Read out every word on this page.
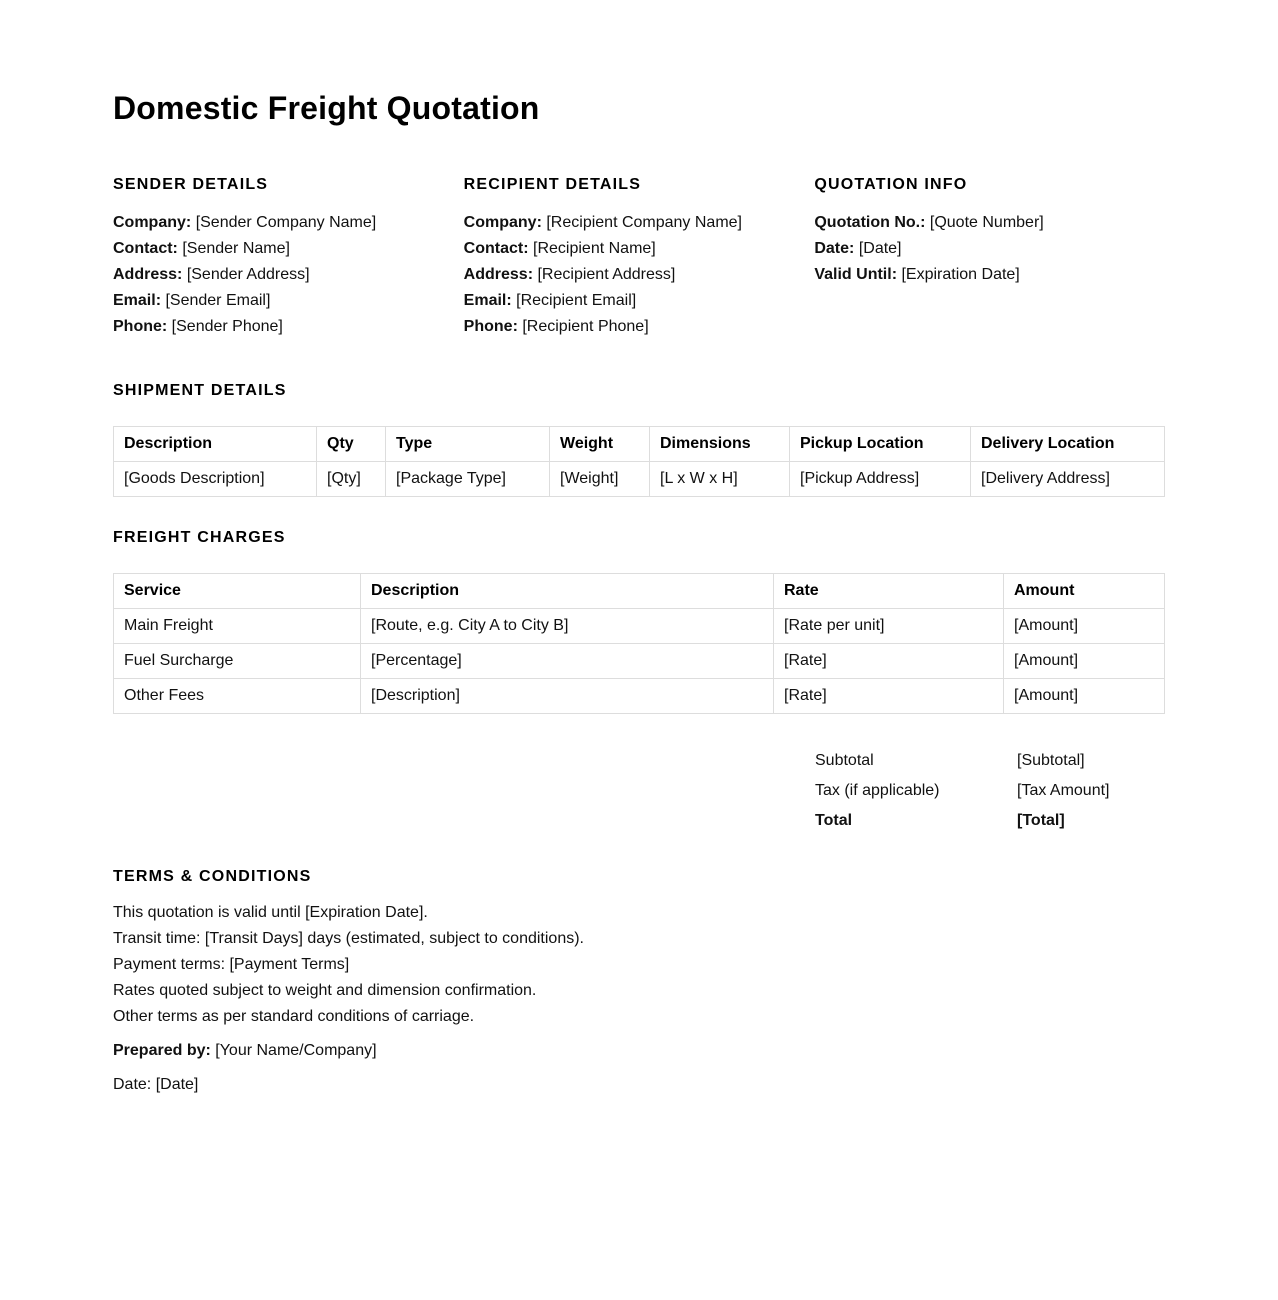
Domestic Freight Quotation
SENDER DETAILS
Company: [Sender Company Name]
Contact: [Sender Name]
Address: [Sender Address]
Email: [Sender Email]
Phone: [Sender Phone]
RECIPIENT DETAILS
Company: [Recipient Company Name]
Contact: [Recipient Name]
Address: [Recipient Address]
Email: [Recipient Email]
Phone: [Recipient Phone]
QUOTATION INFO
Quotation No.: [Quote Number]
Date: [Date]
Valid Until: [Expiration Date]
SHIPMENT DETAILS
Description	Qty	Type	Weight	Dimensions	Pickup Location	Delivery Location
[Goods Description]	[Qty]	[Package Type]	[Weight]	[L x W x H]	[Pickup Address]	[Delivery Address]
FREIGHT CHARGES
Service	Description	Rate	Amount
Main Freight	[Route, e.g. City A to City B]	[Rate per unit]	[Amount]
Fuel Surcharge	[Percentage]	[Rate]	[Amount]
Other Fees	[Description]	[Rate]	[Amount]
Subtotal	[Subtotal]
Tax (if applicable)	[Tax Amount]
Total	[Total]
TERMS & CONDITIONS
This quotation is valid until [Expiration Date].
Transit time: [Transit Days] days (estimated, subject to conditions).
Payment terms: [Payment Terms]
Rates quoted subject to weight and dimension confirmation.
Other terms as per standard conditions of carriage.
Prepared by: [Your Name/Company]
Date: [Date]
